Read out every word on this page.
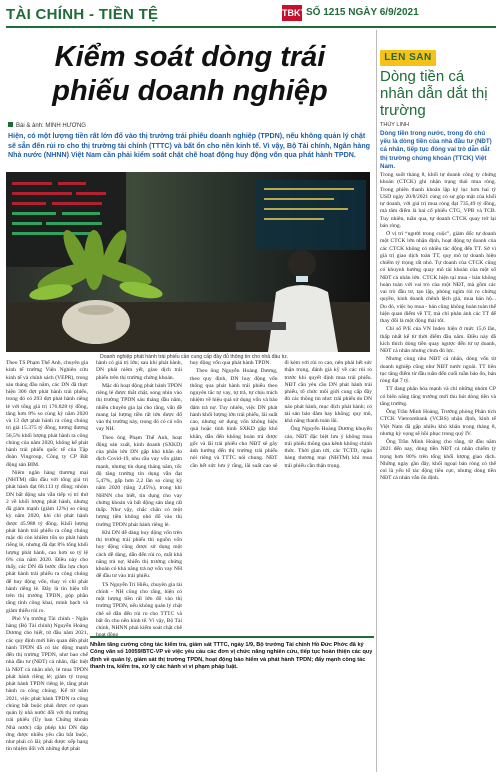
TÀI CHÍNH - TIỀN TỆ	TBKT SỐ 1215 NGÀY 6/9/2021
Kiểm soát dòng trái phiếu doanh nghiệp
Bài & ảnh: MINH HƯƠNG
Hiện, có một lượng tiền rất lớn đổ vào thị trường trái phiếu doanh nghiệp (TPDN), nếu không quản lý chặt sẽ sẵn đến rủi ro cho thị trường tài chính (TTTC) và bất ổn cho nền kinh tế. Vì vậy, Bộ Tài chính, Ngân hàng Nhà nước (NHNN) Việt Nam cần phải kiểm soát chặt chẽ hoạt động huy động vốn qua phát hành TPDN.
Doanh nghiệp phát hành trái phiếu cần cung cấp đầy đủ thông tin cho nhà đầu tư.

Theo TS Phạm Thế Anh, chuyên gia kinh tế trường Viện Nghiên cứu kinh tế và chính sách (VEPR), trong sáu tháng đầu năm, các DN đã thực hiện 306 đợt phát hành trái phiếu, trong đó có 293 đợt phát hành riêng lẻ với tổng giá trị 176.828 tỷ đồng, tăng hơn 8% so cùng kỳ năm 2020 và 13 đợt phát hành ra công chúng trị giá 15.375 tỷ đồng, tương đương 56,5% khối lượng phát hành ra công chúng của năm 2020, không kể phát hành trái phiếu quốc tế của Tập đoàn Vingroup, Công ty CP Bất động sản BIM.

Niêm ngân hàng thương mại (NHTM) dẫn đầu với tổng giá trị phát hành đạt 68.113 tỷ đồng; nhóm DN bất động sản vẫn tiếp vị trí thứ 2 về khối lượng phát hành, nhưng đã giảm mạnh (giảm 12%) so cùng kỳ năm 2020, khi chỉ phát hành được 45.988 tỷ đồng. Khối lượng phát hành trái phiếu ra công chúng mặc dù còn khiêm tốn so phát hành riêng lẻ, nhưng đã đạt 8% tổng khối lượng phát hành, cao hơn so tỷ lệ 6% của năm 2020. Điều này cho thấy, các DN đã bước đầu lựa chọn phát hành trái phiếu ra công chúng để huy động vốn, thay vì chỉ phát hành riêng lẻ. Đây là tín hiệu tốt trên thị trường TPDN, góp phần tăng tính công khai, minh bạch và giảm thiểu rủi ro.

Phó Vụ trưởng Tài chính - Ngân hàng (Bộ Tài chính) Nguyễn Hoàng Dương cho biết, từ đầu năm 2021, các quy định mới liên quan đến phát hành TPDN đã có tác động mạnh đến thị trường TPDN, như bao chế nhà đầu tư (NĐT) cá nhân, đặc biệt là NĐT cá nhân nhỏ, lẻ mua TPDN phát hành riêng lẻ; giảm tỷ trọng phát hành TPDN riêng lẻ, tăng phát hành ra công chúng. Kể từ năm 2021, việc phát hành TPDN ra công chúng bắt buộc phải được cơ quan quản lý nhà nước đối với thị trường trái phiếu (Ủy ban Chứng khoán Nhà nước) cấp phép khi DN đáp ứng được nhiều yêu cầu bắt buộc, như phải có lãi; phải được xếp hạng tín nhiệm đối với những đợt phát

hành có giá trị lớn; sau khi phát hành, DN phải niêm yết, giao dịch trái phiếu trên thị trường chứng khoán.

Mặc dù hoạt động phát hành TPDN riêng lẻ được thắt chặt, song nhìn vào thị trường TPDN sáu tháng đầu năm, nhiều chuyên gia lại cho rằng, vấn đề mang lại lượng tiền rất lớn được đổ vào thị trường này, trong đó có cả vốn vay NH.

Theo ông Phạm Thế Anh, hoạt động sản xuất, kinh doanh (SXKD) của phần lớn DN gặp khó khăn do dịch Covid-19, nhu cầu vay vốn giảm mạnh, nhưng tín dụng tháng năm, tốc độ tăng trưởng tín dụng vẫn đạt 5,47%, gấp hơn 2,2 lần so cùng kỳ năm 2020 (tăng 2,45%), trong khi NHNN cho biết, tín dụng cho vay chứng khoán và bất động sản tăng rất thấp. Như vậy, chắc chắn có một lượng tiền không nhỏ đổ vào thị trường TPDN phát hành riêng lẻ.

Khi DN dễ dàng huy động vốn trên thị trường trái phiếu thì nguồn vốn huy động cũng được sử dụng một cách dễ dàng, dẫn đến rủi ro, mất khả năng trả nợ, khiến thị trường chứng khoán có khả năng trả nợ vốn vay NH để đầu tư vào trái phiếu.

TS Nguyễn Trí Hiếu, chuyên gia tài chính - NH cũng cho rằng, hiện có một lượng tiền rất lớn đổ vào thị trường TPDN, nếu không quản lý chặt chẽ sẽ dẫn đến rủi ro cho TTTC và bất ổn cho nền kinh tế. Vì vậy, Bộ Tài chính, NHNN phải kiểm soát chặt chẽ hoạt động

huy động vốn qua phát hành TPDN.

Theo ông Nguyễn Hoàng Dương, theo quy định, DN huy động vốn thông qua phát hành trái phiếu theo nguyên tắc tự vay, tự trả, tự chịu trách nhiệm về hiệu quả sử dụng vốn và bảo đảm trả nợ. Tuy nhiên, việc DN phát hành khối lượng lớn trái phiếu, lãi suất cao, nhưng sử dụng vốn không hiệu quả hoặc tình hình SXKD gặp khó khăn, dẫn đến không hoàn trả được gốc và lãi trái phiếu cho NĐT sẽ gây ảnh hưởng đến thị trường trái phiếu nói riêng và TTTC nói chung. NĐT cần hết sức lưu ý rằng, lãi suất cao sẽ đi kèm với rủi ro cao, nên phải hết sức thận trọng, đánh giá kỹ về các rủi ro trước khi quyết định mua trái phiếu. NĐT cần yêu cầu DN phát hành trái phiếu, tổ chức môi giới cung cấp đầy đủ các thông tin như: trái phiếu do DN nào phát hành, mục đích phát hành; có tài sản bảo đảm hay không; quy mô, khả năng thanh toán lãi.

Ông Nguyễn Hoàng Dương khuyến cáo, NĐT đặc biệt lưu ý không mua trái phiếu thông qua kênh không chính thức. Thời gian tới, các TCTD, ngân hàng thương mại (NHTM) khi mua trái phiếu cần thận trọng.

Nhằm tăng cường công tác kiểm tra, giám sát TTTC, ngày 1/9, Bộ trưởng Tài chính Hồ Đức Phớc đã ký Công văn số 10059/BTC-VP về việc yêu cầu các đơn vị chức năng nghiên cứu, tiếp tục hoàn thiện các quy định về quản lý, giám sát thị trường TPDN, hoạt động bảo hiểm và phát hành TPDN; đẩy mạnh công tác thanh tra, kiểm tra, xử lý các hành vi vi phạm pháp luật.
LEN SAN
Dòng tiền cá nhân dẫn dắt thị trường
THÙY LINH
Dòng tiền trong nước, trong đó chủ yếu là dòng tiền của nhà đầu tư (NĐT) cá nhân, tiếp tục đóng vai trò dẫn dắt thị trường chứng khoán (TTCK) Việt Nam.

Trong suốt tháng 8, khối tự doanh công ty chứng khoán (CTCK) ghi nhận trạng thái mua ròng. Trong phiên thanh khoản lập kỷ lục hơn hai tỷ USD ngày 20/8/2021 cùng có sự góp mặt của khối tự doanh, với giá trị mua ròng đạt 735,49 tỷ đồng, mà tâm điểm là hai cổ phiếu CTG, VPB và TCB. Tuy nhiên, tuần qua, tự doanh CTCK quay trở lại bán ròng.

Ở vị trí “người trong cuộc”, giám đốc tự doanh một CTCK lớn nhận định, hoạt động tự doanh của các CTCK không có nhiều tác động đến TT. Sở vì giá trị giao dịch toàn TT, quy mô tự doanh hiện chiếm tỷ trọng rất nhỏ. Tự doanh của CTCK cũng có khuynh hướng quay mô tài khoản của một số NĐT cá nhân lớn. CTCK hiện tại mua - bán không hoàn toàn với vai trò của một NĐT, mà gồm các vai trò đầu tư, tạo lập, phòng ngừa rủi ro chứng quyền, kinh doanh chênh lệch giá, mua bán hộ... Do đó, việc họ mua - bán cũng không hoàn toàn thể hiện quan điểm về TT, mà chỉ phản ánh các TT để thay đổi là một động thái tốt.

Chỉ số P/E của VN Index hiện ở mức 15,6 lần, thấp nhất kể từ thời điểm đầu năm. Điều này đã kích thích dòng tiền quay ngược đến từ tự doanh, NĐT cá nhân nhưng chưa đủ lực.

Nhưng cùng nhu NĐT cá nhân, dòng vốn từ doanh nghiệp cũng như NĐT nước ngoài. TT liên tục tăng điểm từ đầu tuần đến cuối tuần bảo ổn, bán ròng đạt 7 tỷ.

TT đang phân hóa mạnh và chỉ những nhóm CP có biên năng tăng trưởng mới thu hút dòng tiền và tăng trưởng.

Ông Trần Minh Hoàng, Trưởng phòng Phân tích CTCK Vietcombank (VCBS) nhận định, kinh tế Việt Nam đã gặp nhiều khó khăn trong tháng 8, nhưng kỳ vọng sẽ hồi phục trong quý IV.

Ông Trần Minh Hoàng cho rằng, từ đầu năm 2021 đến nay, dòng tiền NĐT cá nhân chiếm tỷ trọng hơn 80% trên tổng khối lượng giao dịch. Những ngày gần đây, khối ngoại bán ròng có thể coi là yếu tố tác động tiêu cực, nhưng dòng tiền NĐT cá nhân vẫn ổn định.
